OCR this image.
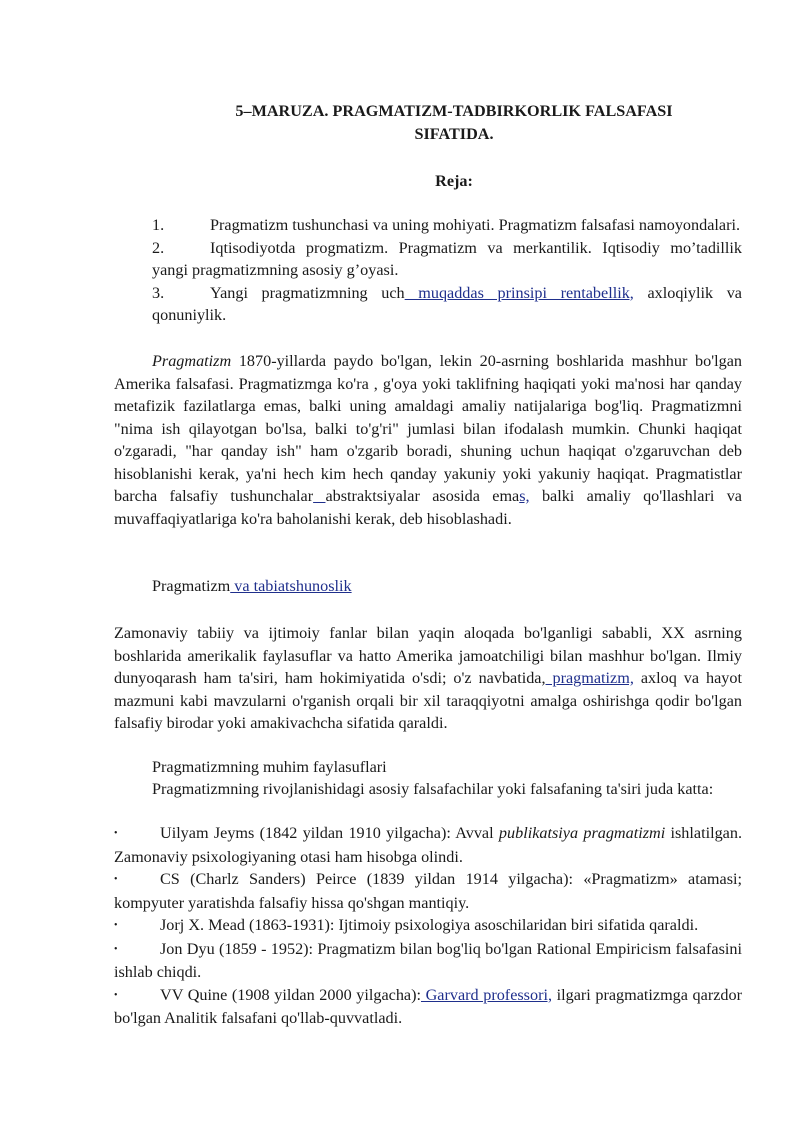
5–MARUZA. PRAGMATIZM-TADBIRKORLIK FALSAFASI
SIFATIDA.
Reja:

1.	Pragmatizm tushunchasi va uning mohiyati. Pragmatizm falsafasi namoyondalari.

2.	Iqtisodiyotda progmatizm. Pragmatizm va merkantilik. Iqtisodiy mo’tadillik yangi pragmatizmning asosiy g’oyasi.

3.	Yangi pragmatizmning uch muqaddas prinsipi rentabellik, axloqiylik va qonuniylik.

Pragmatizm 1870-yillarda paydo bo'lgan, lekin 20-asrning boshlarida mashhur bo'lgan Amerika falsafasi. Pragmatizmga ko'ra , g'oya yoki taklifning haqiqati yoki ma'nosi har qanday metafizik fazilatlarga emas, balki uning amaldagi amaliy natijalariga bog'liq. Pragmatizmni "nima ish qilayotgan bo'lsa, balki to'g'ri" jumlasi bilan ifodalash mumkin. Chunki haqiqat o'zgaradi, "har qanday ish" ham o'zgarib boradi, shuning uchun haqiqat o'zgaruvchan deb hisoblanishi kerak, ya'ni hech kim hech qanday yakuniy yoki yakuniy haqiqat. Pragmatistlar barcha falsafiy tushunchalar abstraktsiyalar asosida emas, balki amaliy qo'llashlari va muvaffaqiyatlariga ko'ra baholanishi kerak, deb hisoblashadi.

Pragmatizm va tabiatshunoslik

Zamonaviy tabiiy va ijtimoiy fanlar bilan yaqin aloqada bo'lganligi sababli, XX asrning boshlarida amerikalik faylasuflar va hatto Amerika jamoatchiligi bilan mashhur bo'lgan. Ilmiy dunyoqarash ham ta'siri, ham hokimiyatida o'sdi; o'z navbatida, pragmatizm, axloq va hayot mazmuni kabi mavzularni o'rganish orqali bir xil taraqqiyotni amalga oshirishga qodir bo'lgan falsafiy birodar yoki amakivachcha sifatida qaraldi.

Pragmatizmning muhim faylasuflari

Pragmatizmning rivojlanishidagi asosiy falsafachilar yoki falsafaning ta'siri juda katta:

•	Uilyam Jeyms (1842 yildan 1910 yilgacha): Avval publikatsiya pragmatizmi ishlatilgan. Zamonaviy psixologiyaning otasi ham hisobga olindi.

•	CS (Charlz Sanders) Peirce (1839 yildan 1914 yilgacha): «Pragmatizm» atamasi; kompyuter yaratishda falsafiy hissa qo'shgan mantiqiy.

•	Jorj X. Mead (1863-1931): Ijtimoiy psixologiya asoschilaridan biri sifatida qaraldi.

•	Jon Dyu (1859 - 1952): Pragmatizm bilan bog'liq bo'lgan Rational Empiricism falsafasini ishlab chiqdi.

•	VV Quine (1908 yildan 2000 yilgacha): Garvard professori, ilgari pragmatizmga qarzdor bo'lgan Analitik falsafani qo'llab-quvvatladi.
